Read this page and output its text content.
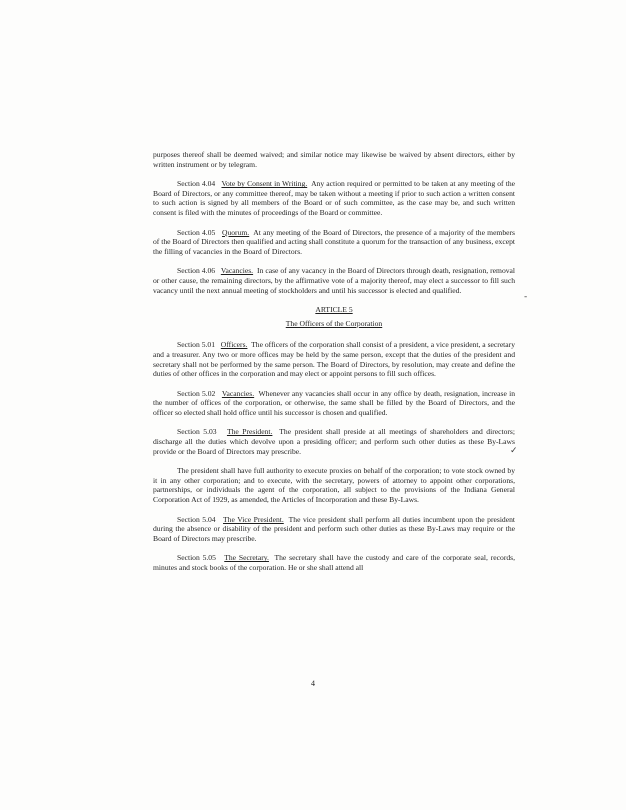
purposes thereof shall be deemed waived; and similar notice may likewise be waived by absent directors, either by written instrument or by telegram.

Section 4.04 Vote by Consent in Writing. Any action required or permitted to be taken at any meeting of the Board of Directors, or any committee thereof, may be taken without a meeting if prior to such action a written consent to such action is signed by all members of the Board or of such committee, as the case may be, and such written consent is filed with the minutes of proceedings of the Board or committee.

Section 4.05 Quorum. At any meeting of the Board of Directors, the presence of a majority of the members of the Board of Directors then qualified and acting shall constitute a quorum for the transaction of any business, except the filling of vacancies in the Board of Directors.

Section 4.06 Vacancies. In case of any vacancy in the Board of Directors through death, resignation, removal or other cause, the remaining directors, by the affirmative vote of a majority thereof, may elect a successor to fill such vacancy until the next annual meeting of stockholders and until his successor is elected and qualified.

ARTICLE 5

The Officers of the Corporation

Section 5.01 Officers. The officers of the corporation shall consist of a president, a vice president, a secretary and a treasurer. Any two or more offices may be held by the same person, except that the duties of the president and secretary shall not be performed by the same person. The Board of Directors, by resolution, may create and define the duties of other offices in the corporation and may elect or appoint persons to fill such offices.

Section 5.02 Vacancies. Whenever any vacancies shall occur in any office by death, resignation, increase in the number of offices of the corporation, or otherwise, the same shall be filled by the Board of Directors, and the officer so elected shall hold office until his successor is chosen and qualified.

Section 5.03 The President. The president shall preside at all meetings of shareholders and directors; discharge all the duties which devolve upon a presiding officer; and perform such other duties as these By-Laws provide or the Board of Directors may prescribe.

The president shall have full authority to execute proxies on behalf of the corporation; to vote stock owned by it in any other corporation; and to execute, with the secretary, powers of attorney to appoint other corporations, partnerships, or individuals the agent of the corporation, all subject to the provisions of the Indiana General Corporation Act of 1929, as amended, the Articles of Incorporation and these By-Laws.

Section 5.04 The Vice President. The vice president shall perform all duties incumbent upon the president during the absence or disability of the president and perform such other duties as these By-Laws may require or the Board of Directors may prescribe.

Section 5.05 The Secretary. The secretary shall have the custody and care of the corporate seal, records, minutes and stock books of the corporation. He or she shall attend all

4
-
✓
